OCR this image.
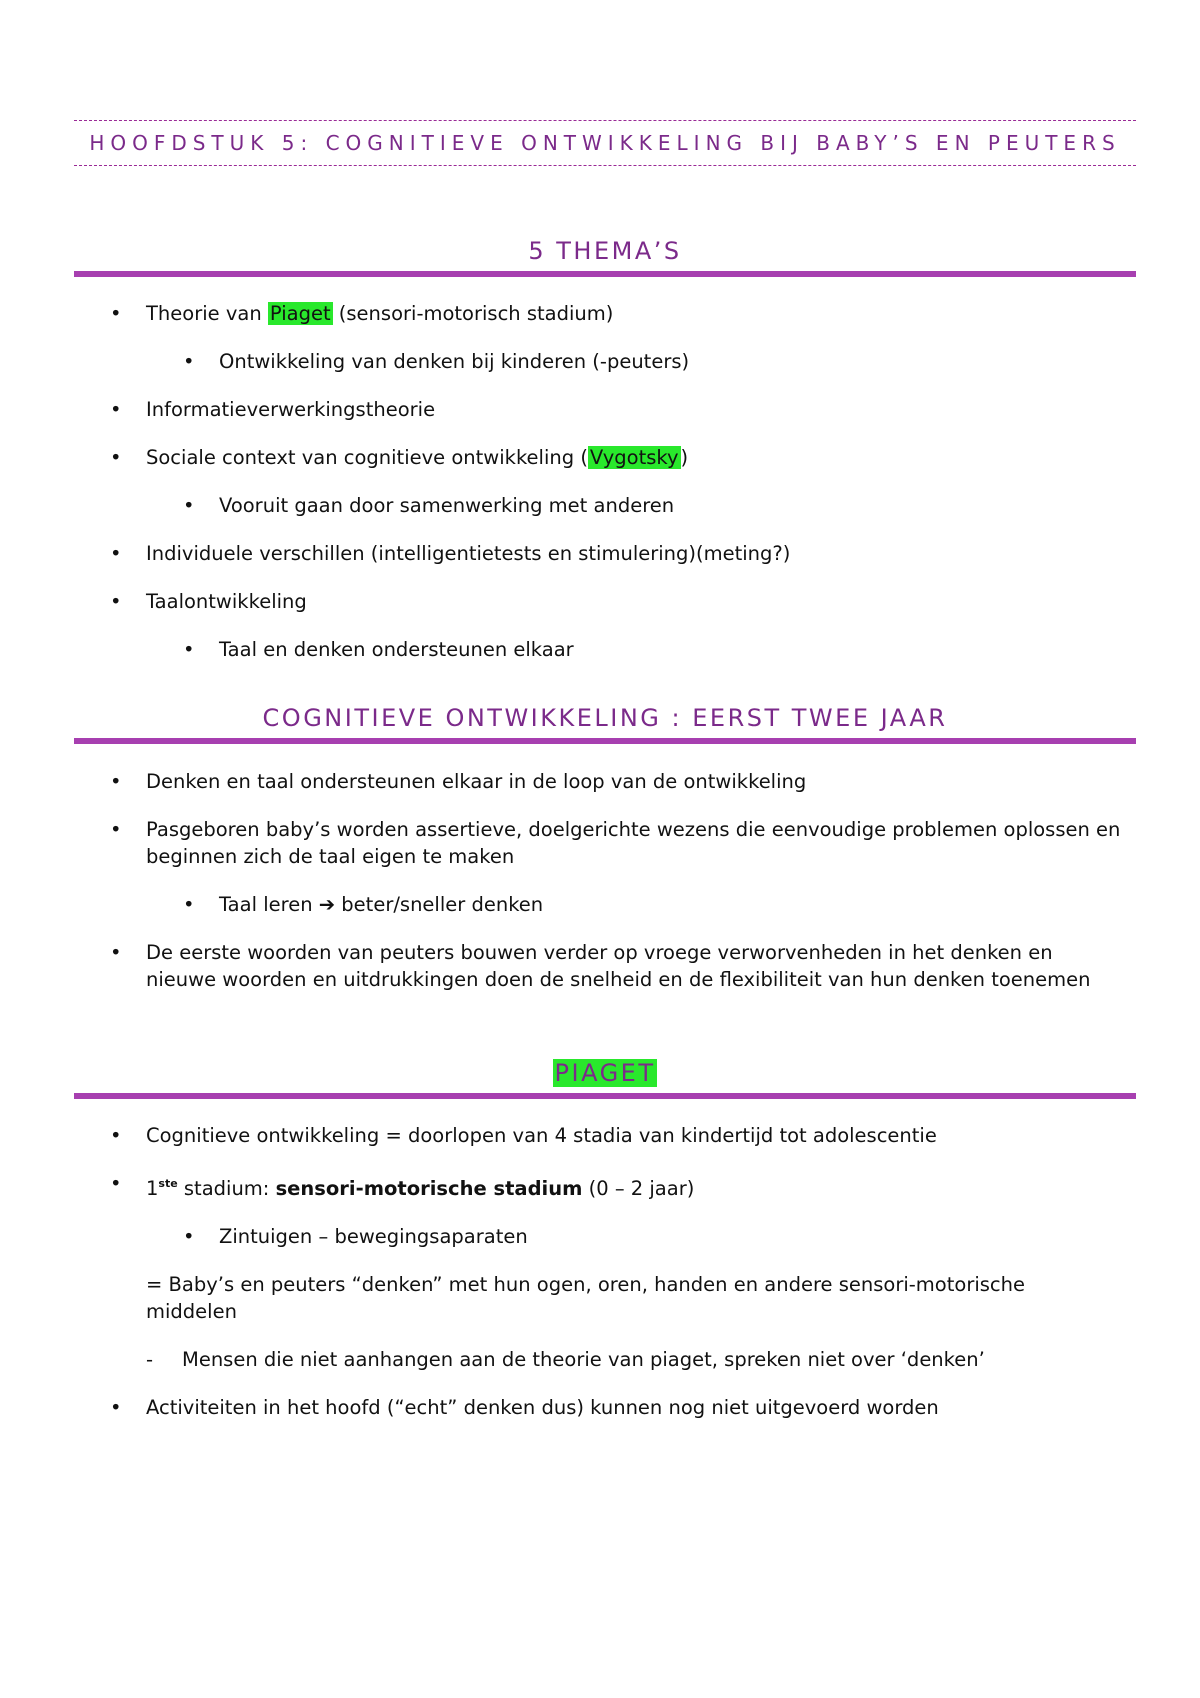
HOOFDSTUK 5: COGNITIEVE ONTWIKKELING BIJ BABY’S EN PEUTERS
5 THEMA’S
• Theorie van Piaget (sensori-motorisch stadium)
• Ontwikkeling van denken bij kinderen (-peuters)
• Informatieverwerkingstheorie
• Sociale context van cognitieve ontwikkeling ( Vygotsky )
• Vooruit gaan door samenwerking met anderen
• Individuele verschillen (intelligentietests en stimulering)(meting?)
• Taalontwikkeling
• Taal en denken ondersteunen elkaar
COGNITIEVE ONTWIKKELING : EERST TWEE JAAR
• Denken en taal ondersteunen elkaar in de loop van de ontwikkeling
• Pasgeboren baby’s worden assertieve, doelgerichte wezens die eenvoudige problemen oplossen en beginnen zich de taal eigen te maken
• Taal leren ➔ beter/sneller denken
• De eerste woorden van peuters bouwen verder op vroege verworvenheden in het denken en nieuwe woorden en uitdrukkingen doen de snelheid en de flexibiliteit van hun denken toenemen
PIAGET
• Cognitieve ontwikkeling = doorlopen van 4 stadia van kindertijd tot adolescentie
• 1ste stadium: sensori-motorische stadium (0 – 2 jaar)
• Zintuigen – bewegingsaparaten
= Baby’s en peuters “denken” met hun ogen, oren, handen en andere sensori-motorische middelen
- Mensen die niet aanhangen aan de theorie van piaget, spreken niet over ‘denken’
• Activiteiten in het hoofd (“echt” denken dus) kunnen nog niet uitgevoerd worden
